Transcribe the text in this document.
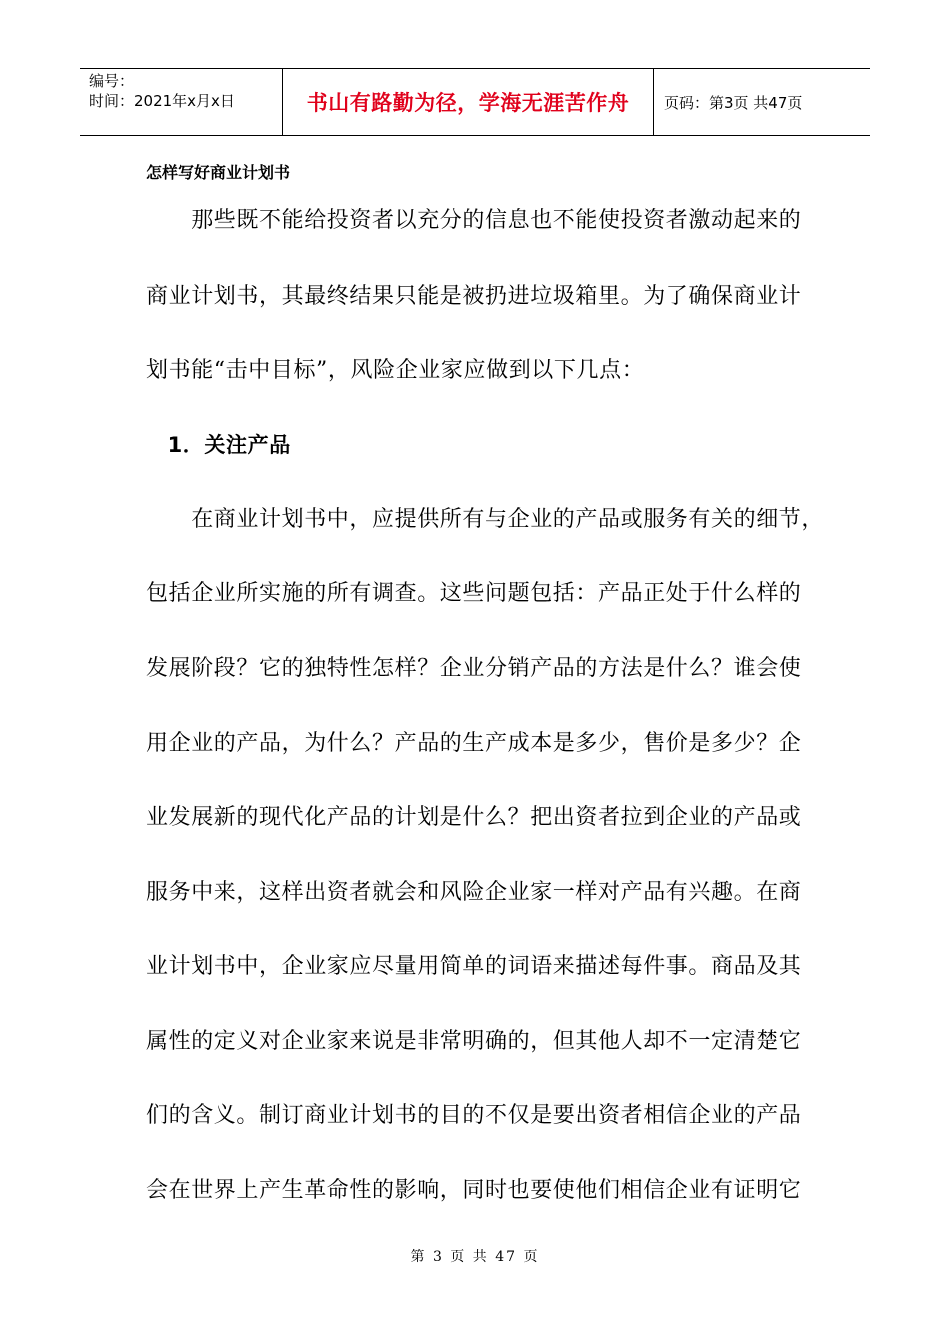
编号：
时间：2021年x月x日	书山有路勤为径，学海无涯苦作舟 页码：第3页 共47页
怎样写好商业计划书
　　那些既不能给投资者以充分的信息也不能使投资者激动起来的
商业计划书，其最终结果只能是被扔进垃圾箱里。为了确保商业计
划书能“击中目标”，风险企业家应做到以下几点：
　1．关注产品
　　在商业计划书中，应提供所有与企业的产品或服务有关的细节，
包括企业所实施的所有调查。这些问题包括：产品正处于什么样的
发展阶段？它的独特性怎样？企业分销产品的方法是什么？谁会使
用企业的产品，为什么？产品的生产成本是多少，售价是多少？企
业发展新的现代化产品的计划是什么？把出资者拉到企业的产品或
服务中来，这样出资者就会和风险企业家一样对产品有兴趣。在商
业计划书中，企业家应尽量用简单的词语来描述每件事。商品及其
属性的定义对企业家来说是非常明确的，但其他人却不一定清楚它
们的含义。制订商业计划书的目的不仅是要出资者相信企业的产品
会在世界上产生革命性的影响，同时也要使他们相信企业有证明它
第 3 页 共 47 页
